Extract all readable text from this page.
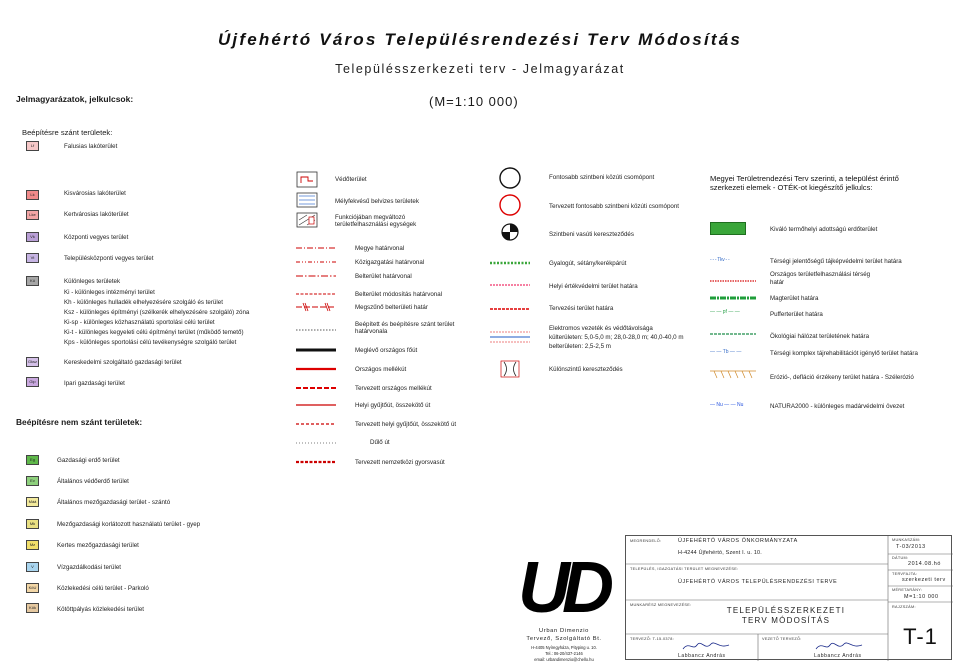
Újfehértó Város Településrendezési Terv Módosítás
Településszerkezeti terv - Jelmagyarázat
Jelmagyarázatok, jelkulcsok:	(M=1:10 000)
Beépítésre szánt területek:
Beépítésre nem szánt területek:
Lf	Falusias lakóterület
Lk	Kisvárosias lakóterület
Lke	Kertvárosias lakóterület
Vk	Központi vegyes terület
Vt	Településközponti vegyes terület
Kü	Különleges területek
Ki - különleges intézményi terület
Kh - különleges hulladék elhelyezésére szolgáló és terület
Ksz - különleges építményi (szélkerék elhelyezésére szolgáló) zóna
Ki-sp - különleges közhasználatú sportolási célú terület
Ki-t - különleges kegyeleti célú építményi terület (működő temető)
Kps - különleges sportolási célú tevékenységre szolgáló terület
Gksz	Kereskedelmi szolgáltató gazdasági terület
Gip	Ipari gazdasági terület
Eg	Gazdasági erdő terület
Ev	Általános védőerdő terület
Máá	Általános mezőgazdasági terület - szántó
Mk	Mezőgazdasági korlátozott használatú terület - gyep
Mz	Kertes mezőgazdasági terület
V	Vízgazdálkodási terület
KöU	Közlekedési célú terület - Parkoló
Kök	Kötöttpályás közlekedési terület
Védőterület
Mélyfekvésű belvizes területek
Funkciójában megváltozó területfelhasználási egységek
Megye határvonal
Közigazgatási határvonal
Belterület határvonal
Belterület módosítás határvonal
Megszűnő belterületi határ
Beépített és beépítésre szánt terület határvonala
Meglévő országos főút
Országos mellékút
Tervezett országos mellékút
Helyi gyűjtőút, összekötő út
Tervezett helyi gyűjtőút, összekötő út
Dűlő út
Tervezett nemzetközi gyorsvasút
Fontosabb szintbeni közúti csomópont
Tervezett fontosabb szintbeni közúti csomópont
Szintbeni vasúti kereszteződés
Gyalogút, sétány/kerékpárút
Helyi értékvédelmi terület határa
Tervezési terület határa
Elektromos vezeték és védőtávolsága
külterületen: 5,0-5,0 m; 28,0-28,0 m; 40,0-40,0 m
belterületen: 2,5-2,5 m
Különszintű kereszteződés
Megyei Területrendezési Terv szerinti, a települést érintő szerkezeti elemek - OTÉK-ot kiegészítő jelkulcs:
Kiváló termőhelyi adottságú erdőterület
- - - Tkv - -	Térségi jelentőségű tájképvédelmi terület határa
Országos területfelhasználási térség határ
Magterület határa
— — pf — —	Pufferterület határa
Ökológiai hálózat területének határa
— — Tb — —	Térségi komplex tájrehabilitációt igénylő terület határa
Erózió-, defláció érzékeny terület határa - Szélerózió
— Nu — — Nu	NATURA2000 - különleges madárvédelmi övezet
UD
Urban Dimenzio
Tervező, Szolgáltató Bt.
H-4405 Nyíregyháza, Pityping u. 10.
Tel.: 06-20/437-2146
email: urbandimenzio@chello.hu
MEGRENDELŐ:	ÚJFEHÉRTÓ VÁROS ÖNKORMÁNYZATA
H-4244 Újfehértó, Szent I. u. 10.
TELEPÜLÉS, IGAZGATÁSI TERÜLET MEGNEVEZÉSE:
ÚJFEHÉRTÓ VÁROS TELEPÜLÉSRENDEZÉSI TERVE
MUNKARÉSZ MEGNEVEZÉSE:
TELEPÜLÉSSZERKEZETI TERV MÓDOSÍTÁS
TERVEZŐ: T-15-0378:
Labbancz András
VEZETŐ TERVEZŐ:
Labbancz András
MUNKASZÁM:
T-03/2013
DÁTUM:
2014.08.hó
TERVFAJTA:
szerkezeti terv
MÉRETARÁNY:
M=1:10 000
RAJZSZÁM:
T-1
